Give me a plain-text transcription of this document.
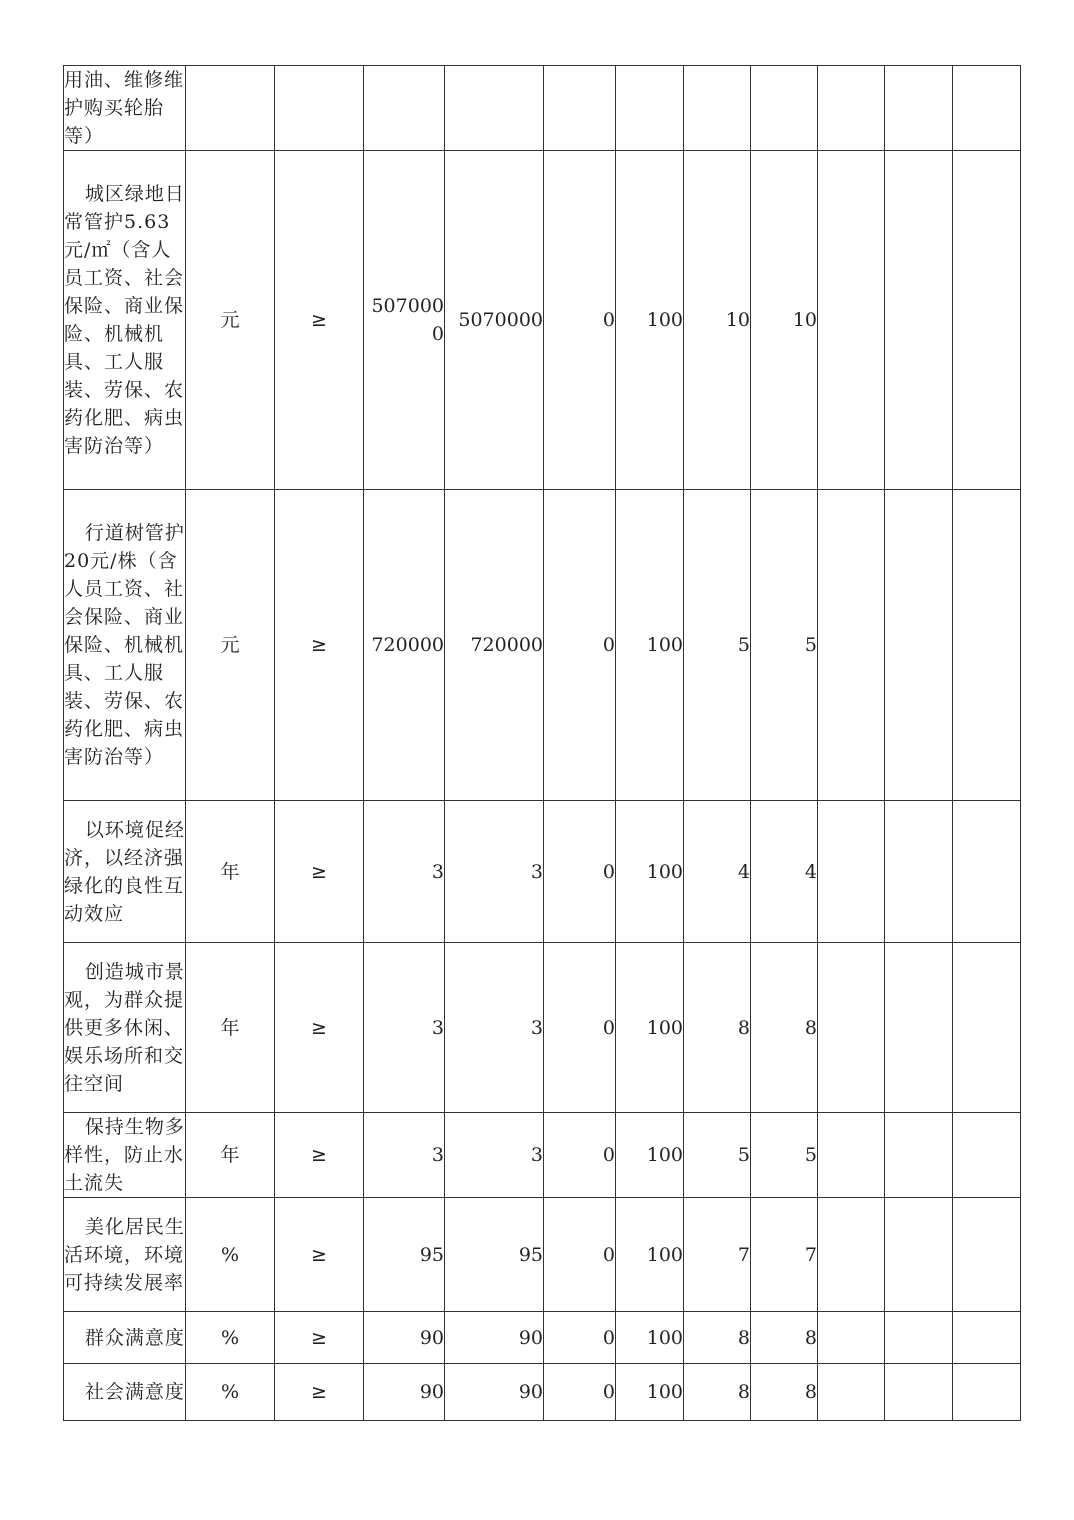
用油、维修维护购买轮胎等）											
城区绿地日常管护5.63元/㎡（含人员工资、社会保险、商业保险、机械机具、工人服装、劳保、农药化肥、病虫害防治等）	元	≥	5070000	5070000	0	100	10	10			
行道树管护20元/株（含人员工资、社会保险、商业保险、机械机具、工人服装、劳保、农药化肥、病虫害防治等）	元	≥	720000	720000	0	100	5	5			
以环境促经济，以经济强绿化的良性互动效应	年	≥	3	3	0	100	4	4			
创造城市景观，为群众提供更多休闲、娱乐场所和交往空间	年	≥	3	3	0	100	8	8			
保持生物多样性，防止水土流失	年	≥	3	3	0	100	5	5			
美化居民生活环境，环境可持续发展率	%	≥	95	95	0	100	7	7			
群众满意度	%	≥	90	90	0	100	8	8			
社会满意度	%	≥	90	90	0	100	8	8			
